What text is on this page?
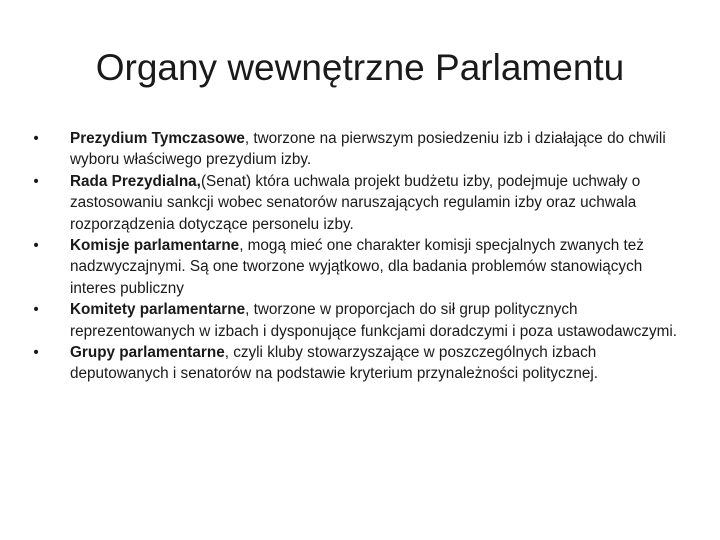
Organy wewnętrzne Parlamentu
• Prezydium Tymczasowe, tworzone na pierwszym posiedzeniu izb i działające do chwili wyboru właściwego prezydium izby.
• Rada Prezydialna,(Senat) która uchwala projekt budżetu izby, podejmuje uchwały o zastosowaniu sankcji wobec senatorów naruszających regulamin izby oraz uchwala rozporządzenia dotyczące personelu izby.
• Komisje parlamentarne, mogą mieć one charakter komisji specjalnych zwanych też nadzwyczajnymi. Są one tworzone wyjątkowo, dla badania problemów stanowiących interes publiczny
• Komitety parlamentarne, tworzone w proporcjach do sił grup politycznych reprezentowanych w izbach i dysponujące funkcjami doradczymi i poza ustawodawczymi.
• Grupy parlamentarne, czyli kluby stowarzyszające w poszczególnych izbach deputowanych i senatorów na podstawie kryterium przynależności politycznej.
